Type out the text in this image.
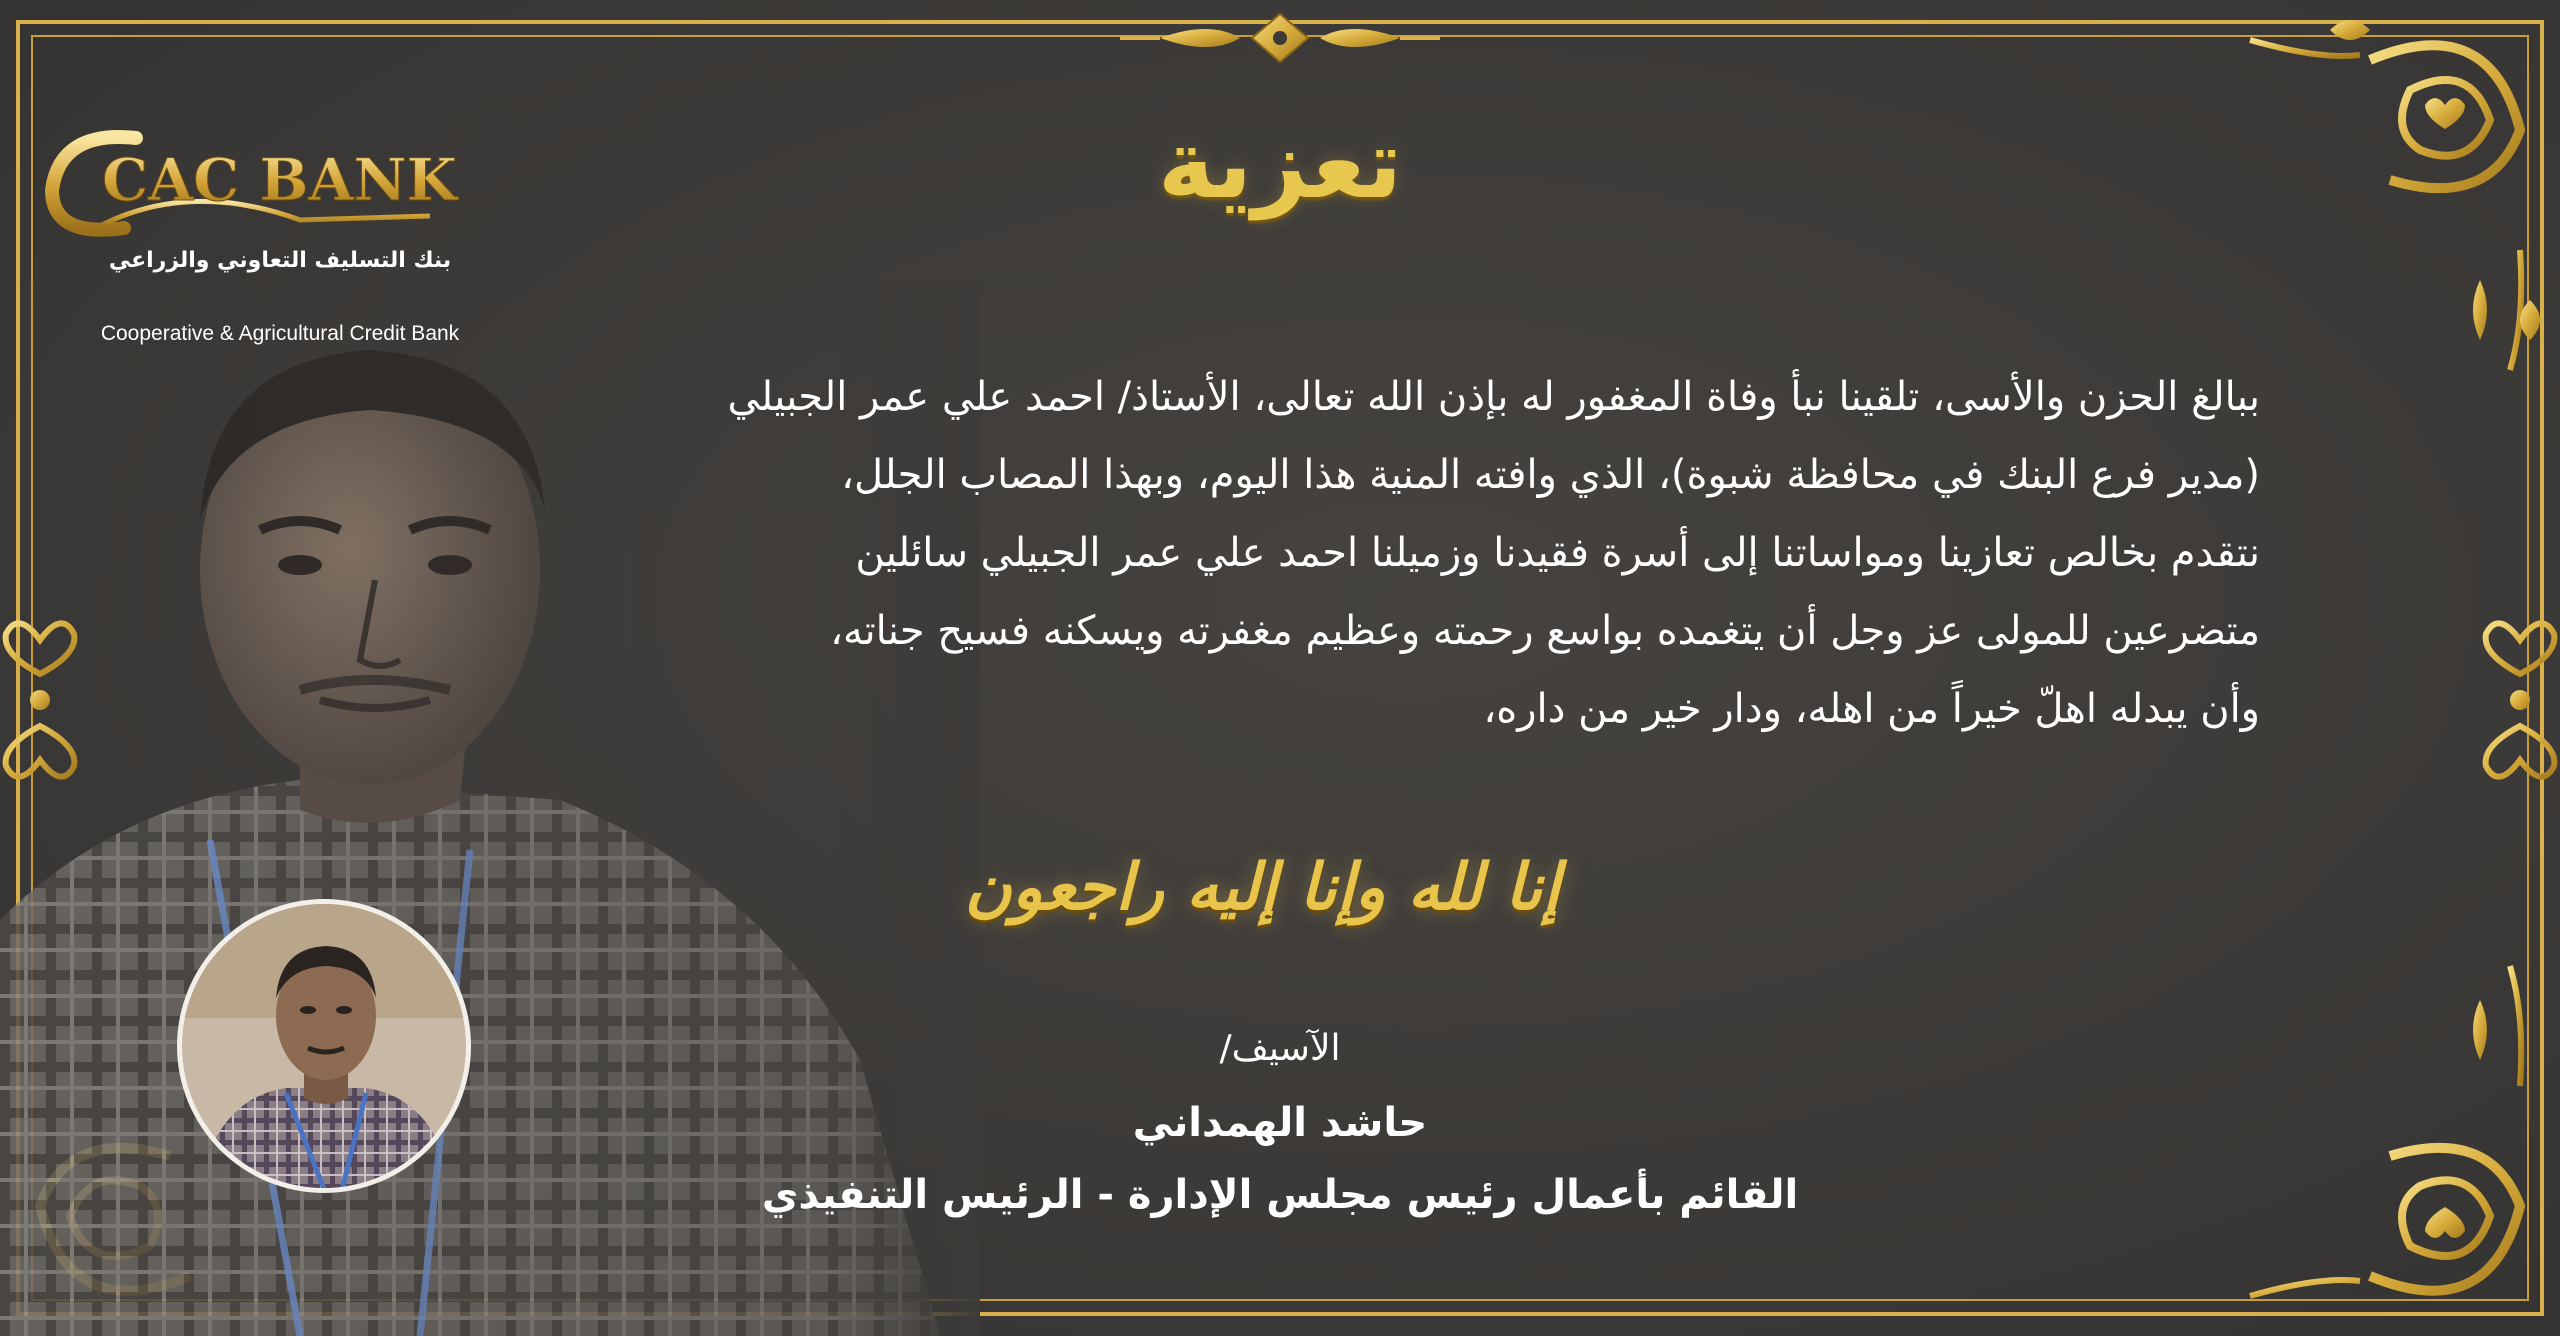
CAC BANK
بنك التسليف التعاوني والزراعي
Cooperative & Agricultural Credit Bank
تعزية

ببالغ الحزن والأسى، تلقينا نبأ وفاة المغفور له بإذن الله تعالى، الأستاذ/ احمد علي عمر الجبيلي

(مدير فرع البنك في محافظة شبوة)، الذي وافته المنية هذا اليوم، وبهذا المصاب الجلل،

نتقدم بخالص تعازينا ومواساتنا إلى أسرة فقيدنا وزميلنا احمد علي عمر الجبيلي سائلين

متضرعين للمولى عز وجل أن يتغمده بواسع رحمته وعظيم مغفرته ويسكنه فسيح جناته،

وأن يبدله اهلّ خيراً من اهله، ودار خير من داره،

إنا لله وإنا إليه راجعون
الآسيف/
حاشد الهمداني
القائم بأعمال رئيس مجلس الإدارة - الرئيس التنفيذي
